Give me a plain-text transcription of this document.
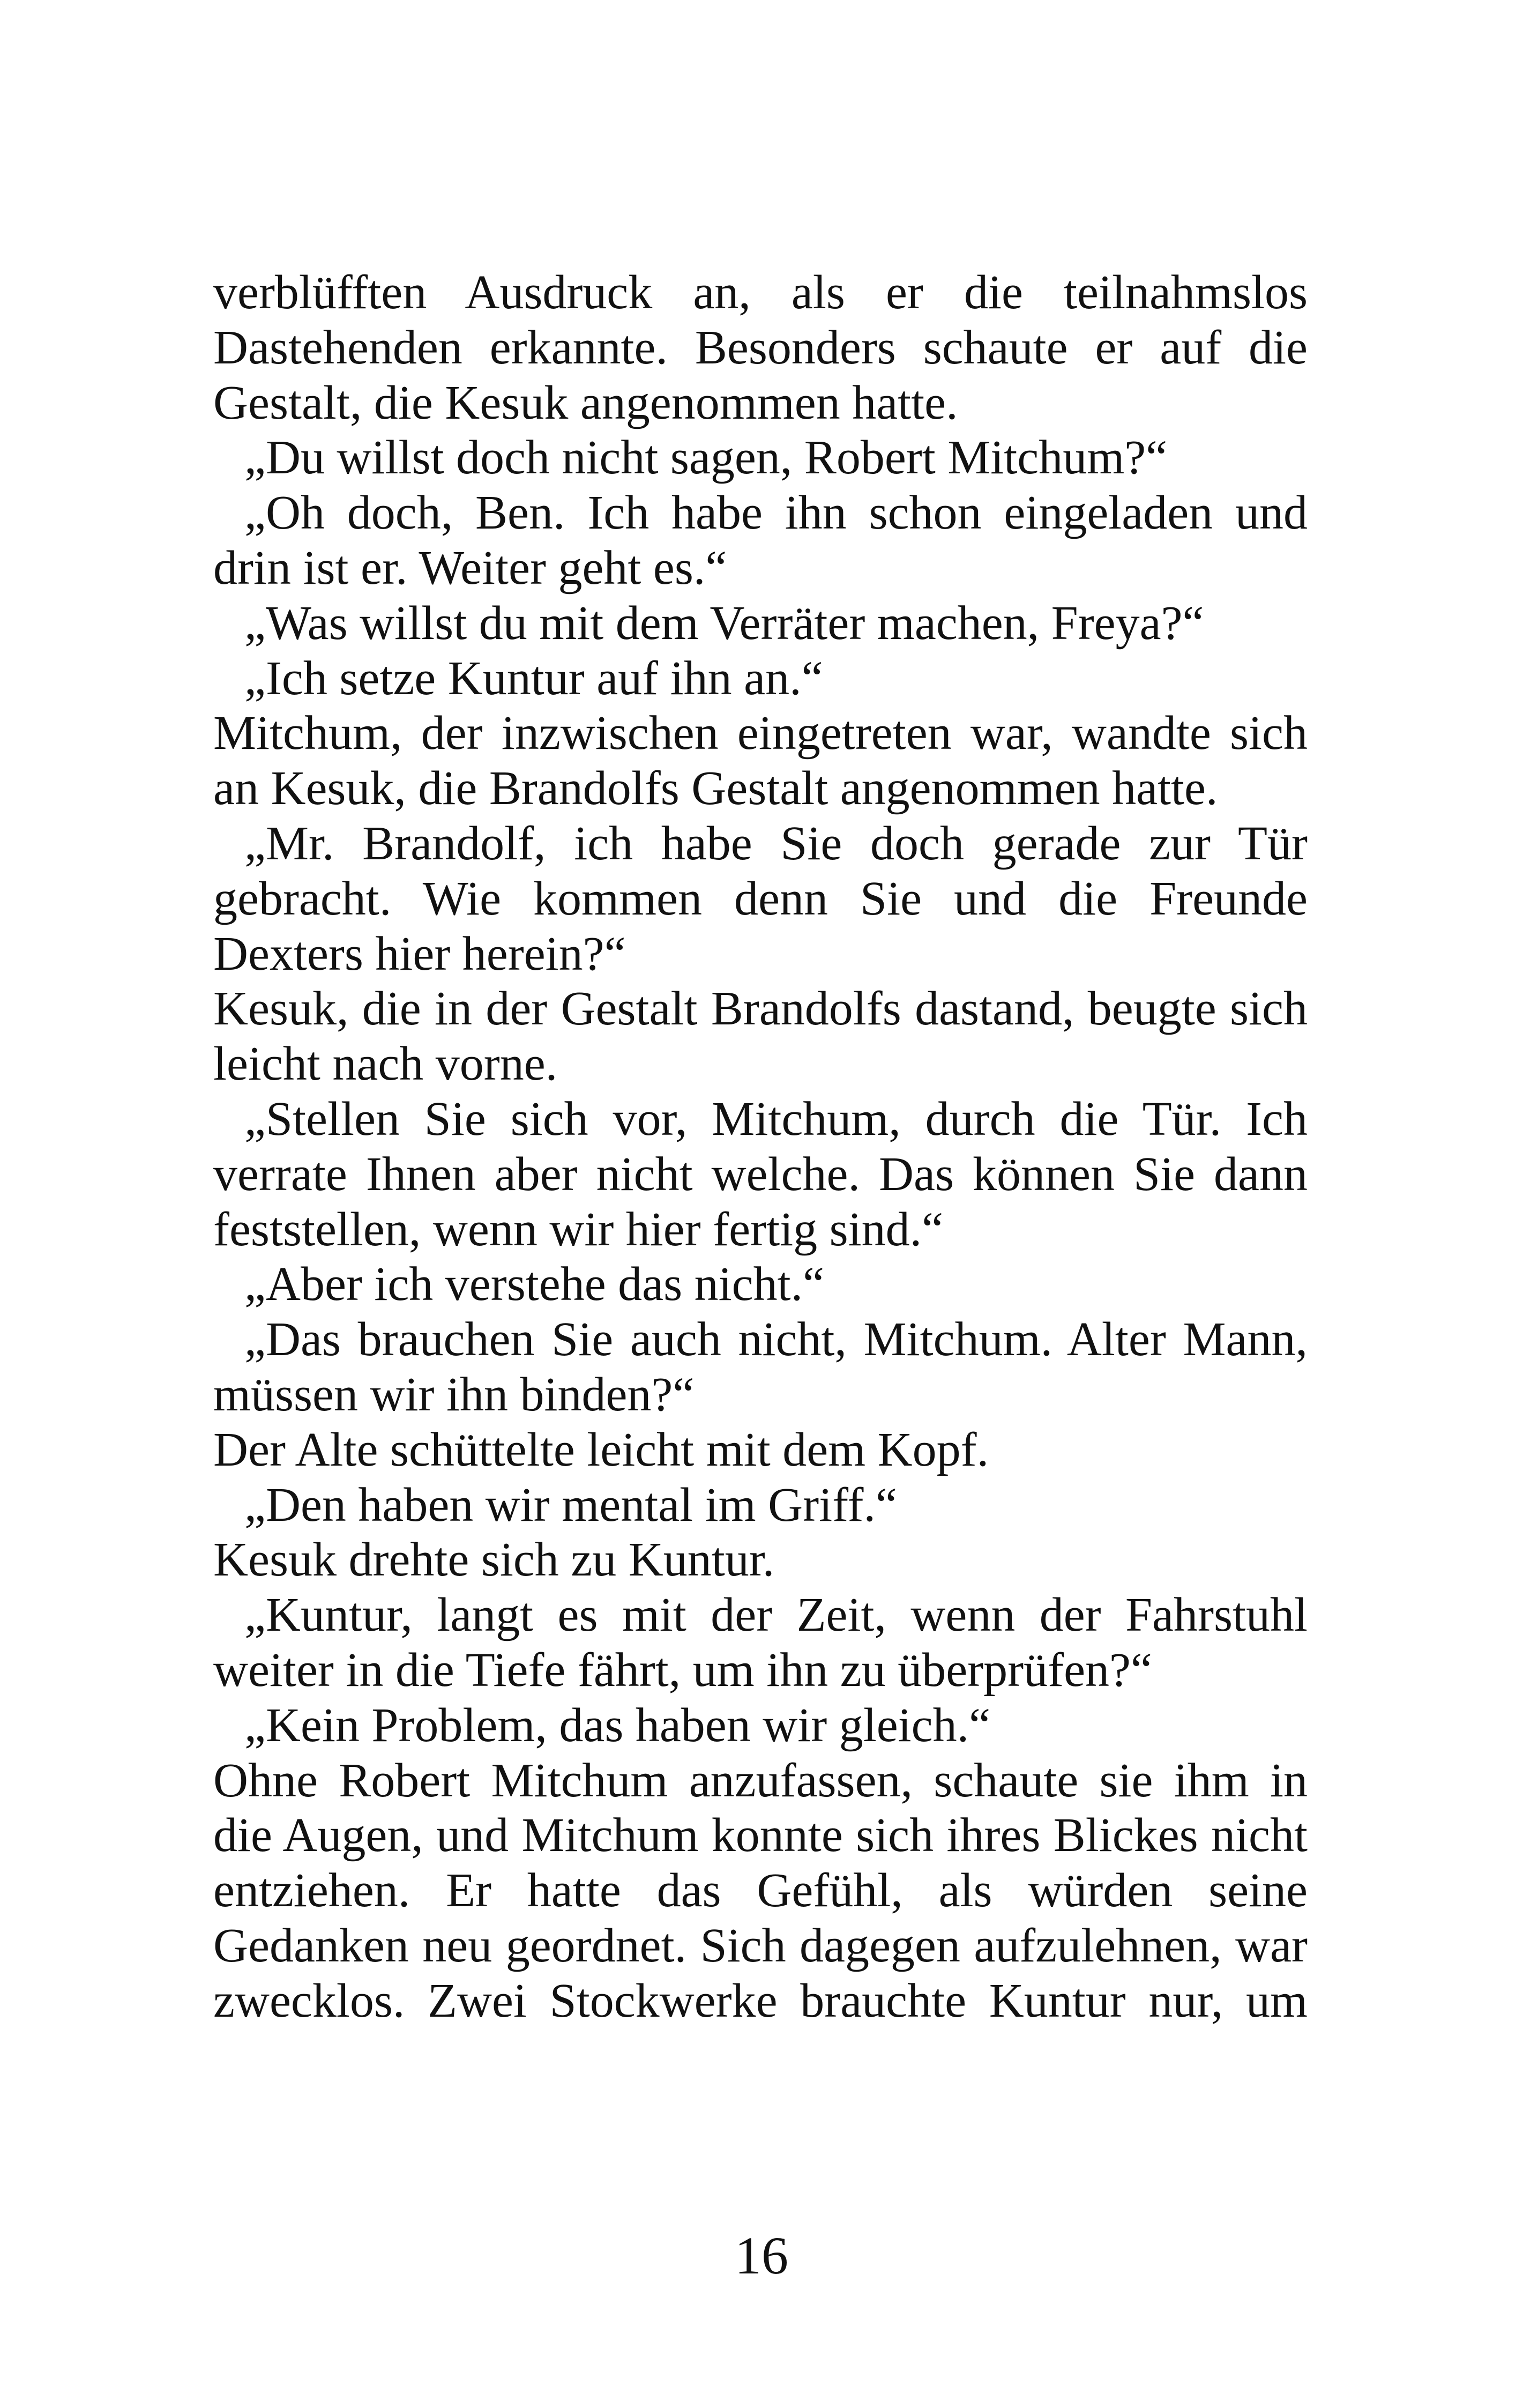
verblüfften Ausdruck an, als er die teilnahmslos
Dastehenden erkannte. Besonders schaute er auf die
Gestalt, die Kesuk angenommen hatte.
„Du willst doch nicht sagen, Robert Mitchum?“
„Oh doch, Ben. Ich habe ihn schon eingeladen und
drin ist er. Weiter geht es.“
„Was willst du mit dem Verräter machen, Freya?“
„Ich setze Kuntur auf ihn an.“
Mitchum, der inzwischen eingetreten war, wandte sich
an Kesuk, die Brandolfs Gestalt angenommen hatte.
„Mr. Brandolf, ich habe Sie doch gerade zur Tür
gebracht. Wie kommen denn Sie und die Freunde
Dexters hier herein?“
Kesuk, die in der Gestalt Brandolfs dastand, beugte sich
leicht nach vorne.
„Stellen Sie sich vor, Mitchum, durch die Tür. Ich
verrate Ihnen aber nicht welche. Das können Sie dann
feststellen, wenn wir hier fertig sind.“
„Aber ich verstehe das nicht.“
„Das brauchen Sie auch nicht, Mitchum. Alter Mann,
müssen wir ihn binden?“
Der Alte schüttelte leicht mit dem Kopf.
„Den haben wir mental im Griff.“
Kesuk drehte sich zu Kuntur.
„Kuntur, langt es mit der Zeit, wenn der Fahrstuhl
weiter in die Tiefe fährt, um ihn zu überprüfen?“
„Kein Problem, das haben wir gleich.“
Ohne Robert Mitchum anzufassen, schaute sie ihm in
die Augen, und Mitchum konnte sich ihres Blickes nicht
entziehen. Er hatte das Gefühl, als würden seine
Gedanken neu geordnet. Sich dagegen aufzulehnen, war
zwecklos. Zwei Stockwerke brauchte Kuntur nur, um
16
